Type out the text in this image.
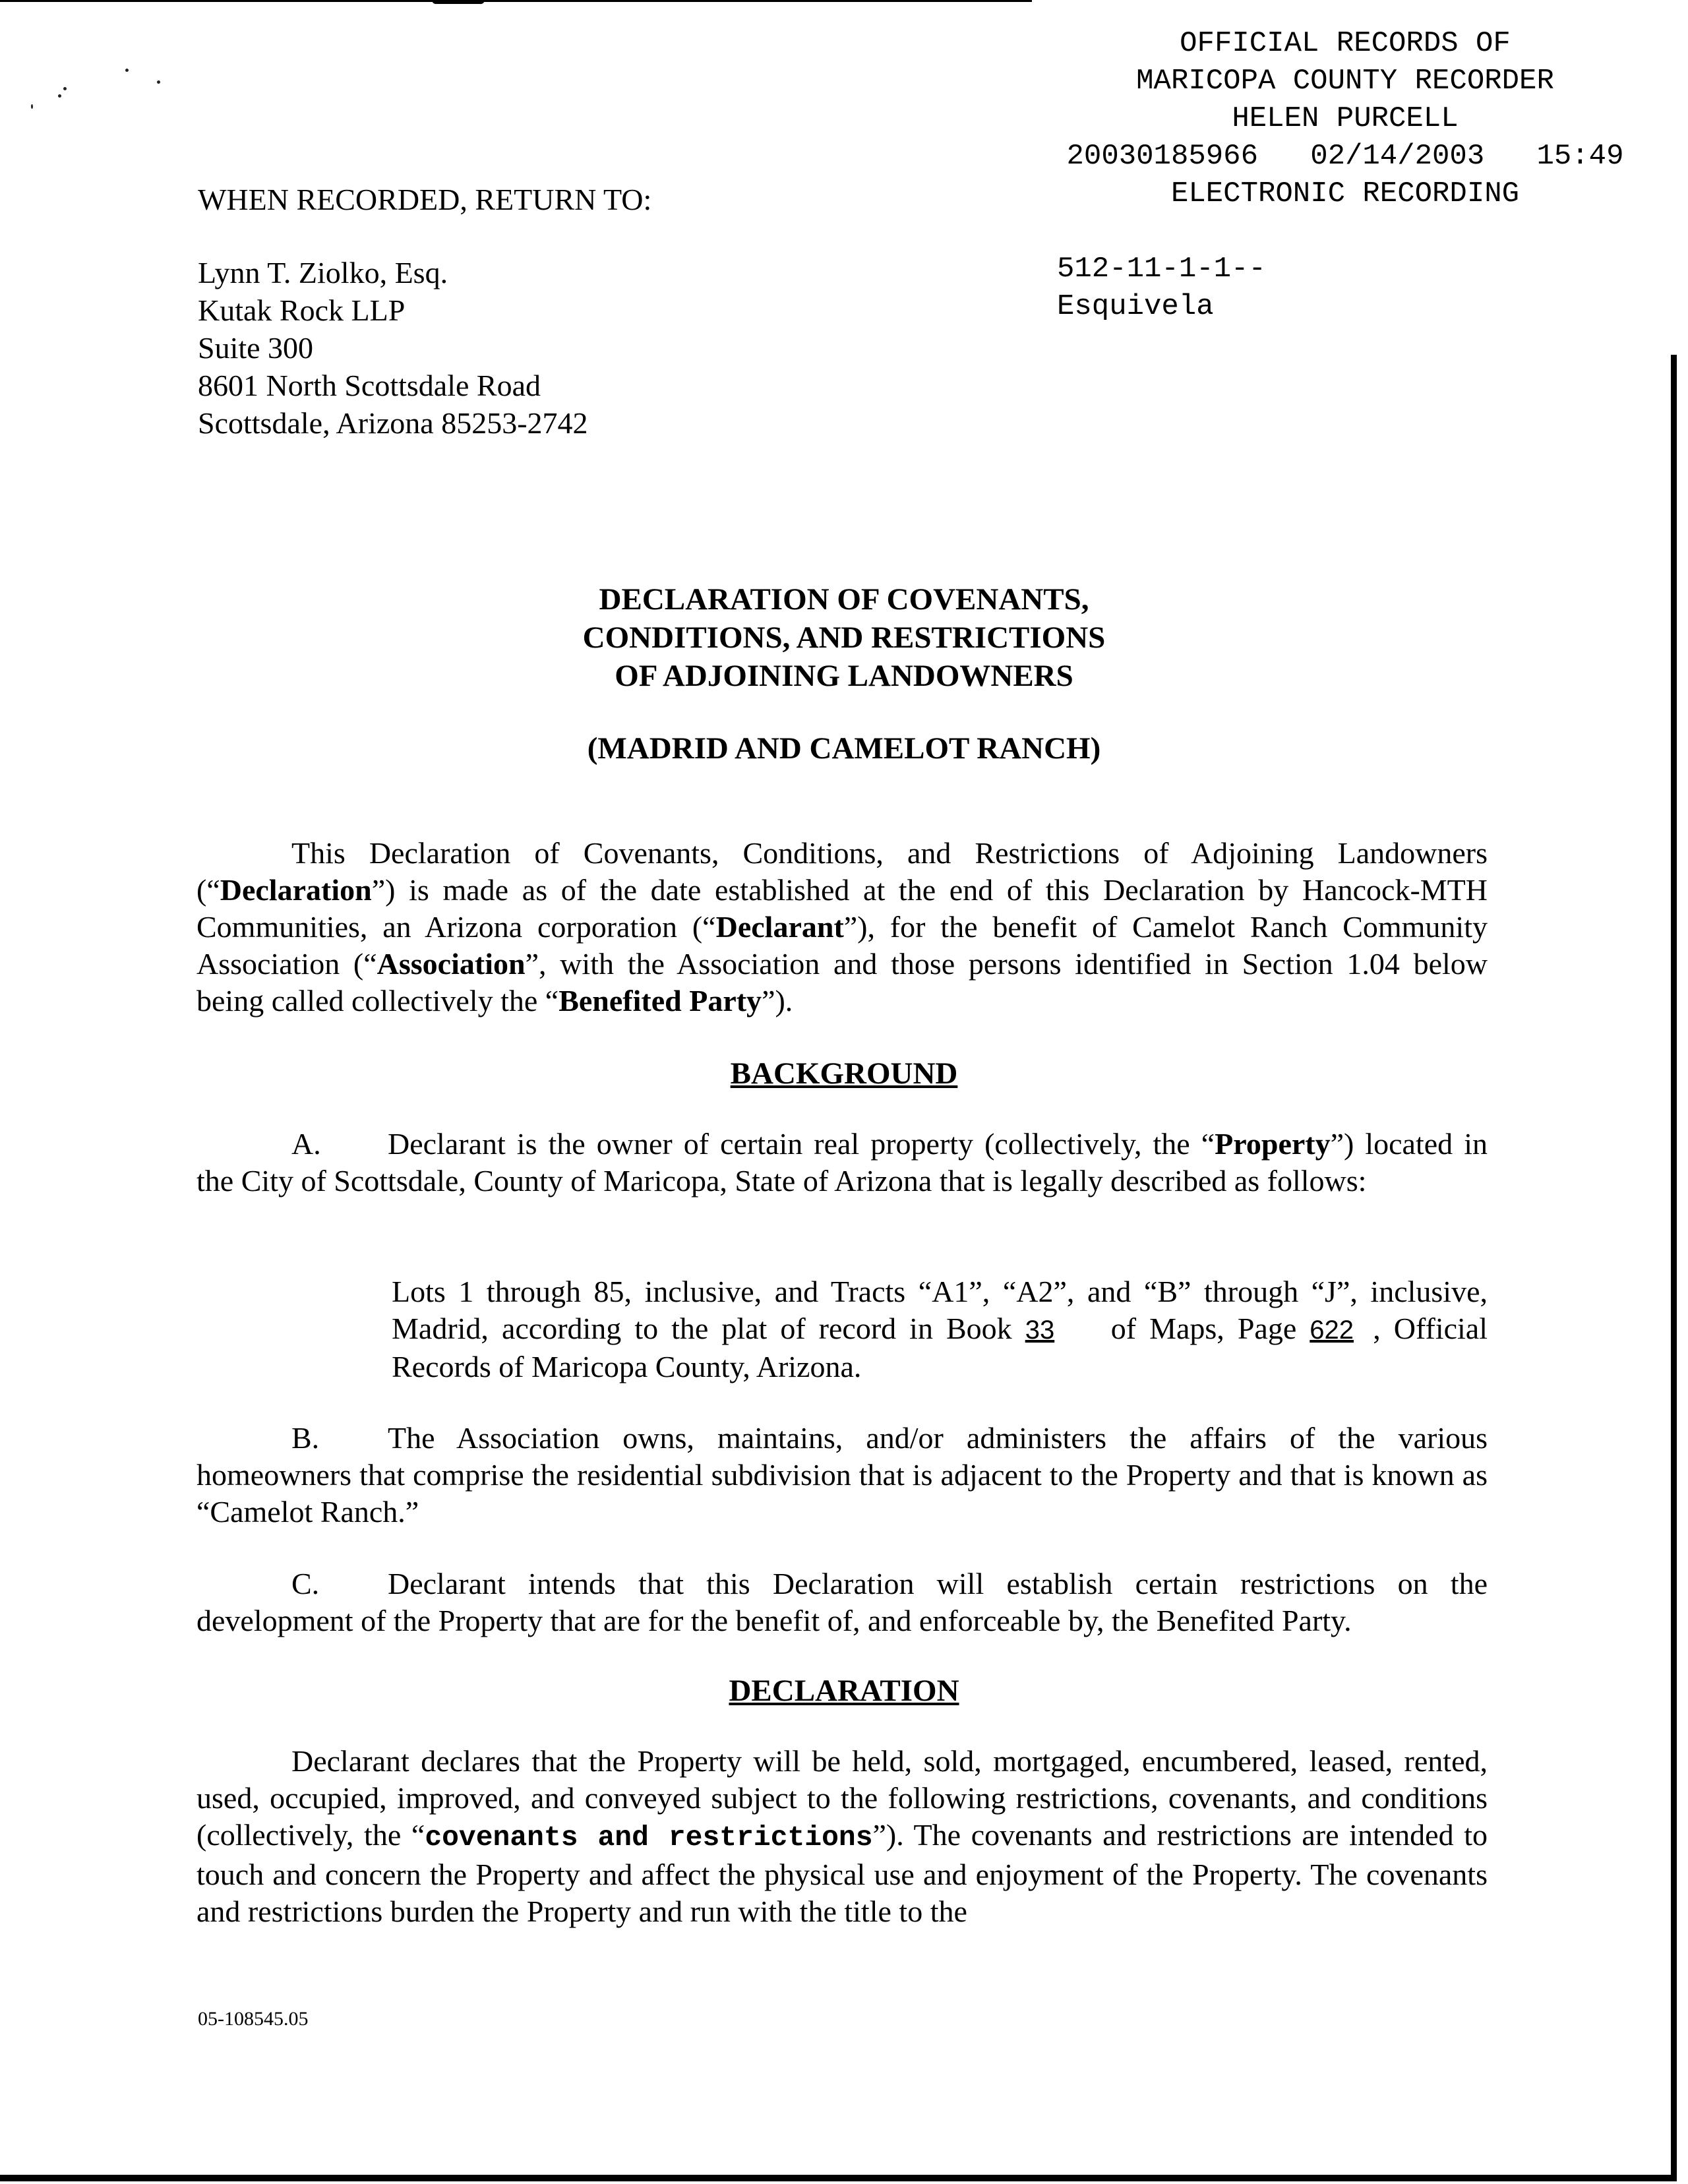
OFFICIAL RECORDS OF
MARICOPA COUNTY RECORDER
HELEN PURCELL
20030185966   02/14/2003   15:49
ELECTRONIC RECORDING
WHEN RECORDED, RETURN TO:
Lynn T. Ziolko, Esq.
Kutak Rock LLP
Suite 300
8601 North Scottsdale Road
Scottsdale, Arizona 85253-2742
512-11-1-1--
Esquivela
DECLARATION OF COVENANTS,
CONDITIONS, AND RESTRICTIONS
OF ADJOINING LANDOWNERS
(MADRID AND CAMELOT RANCH)
This Declaration of Covenants, Conditions, and Restrictions of Adjoining Landowners (“Declaration”) is made as of the date established at the end of this Declaration by Hancock-MTH Communities, an Arizona corporation (“Declarant”), for the benefit of Camelot Ranch Community Association (“Association”, with the Association and those persons identified in Section 1.04 below being called collectively the “Benefited Party”).
BACKGROUND
A. Declarant is the owner of certain real property (collectively, the “Property”) located in the City of Scottsdale, County of Maricopa, State of Arizona that is legally described as follows:
Lots 1 through 85, inclusive, and Tracts “A1”, “A2”, and “B” through “J”, inclusive, Madrid, according to the plat of record in Book 33 of Maps, Page 622 , Official Records of Maricopa County, Arizona.
B. The Association owns, maintains, and/or administers the affairs of the various homeowners that comprise the residential subdivision that is adjacent to the Property and that is known as “Camelot Ranch.”
C. Declarant intends that this Declaration will establish certain restrictions on the development of the Property that are for the benefit of, and enforceable by, the Benefited Party.
DECLARATION
Declarant declares that the Property will be held, sold, mortgaged, encumbered, leased, rented, used, occupied, improved, and conveyed subject to the following restrictions, covenants, and conditions (collectively, the “covenants and restrictions”). The covenants and restrictions are intended to touch and concern the Property and affect the physical use and enjoyment of the Property. The covenants and restrictions burden the Property and run with the title to the
05-108545.05
